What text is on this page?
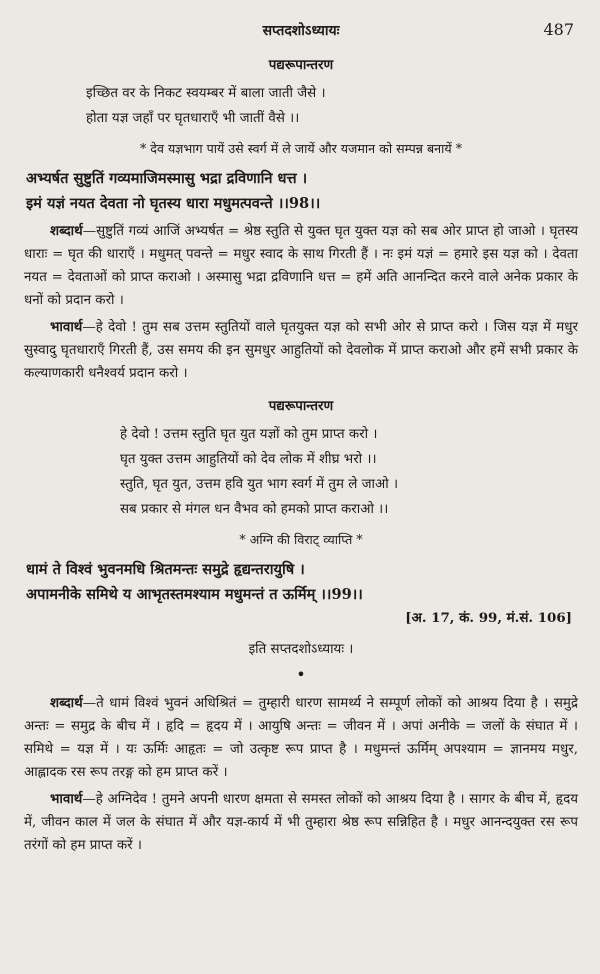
सप्तदशोऽध्यायः	487
पद्यरूपान्तरण
इच्छित वर के निकट स्वयम्बर में बाला जाती जैसे ।
होता यज्ञ जहाँ पर घृतधाराएँ भी जातीं वैसे ।।
* देव यज्ञभाग पायें उसे स्वर्ग में ले जायें और यजमान को सम्पन्न बनायें *
अभ्यर्षत सुष्टुतिं गव्यमाजिमस्मासु भद्रा द्रविणानि धत्त ।
इमं यज्ञं नयत देवता नो घृतस्य धारा मधुमत्पवन्ते ।।98।।
शब्दार्थ—सुष्टुतिं गव्यं आजिं अभ्यर्षत = श्रेष्ठ स्तुति से युक्त घृत युक्त यज्ञ को सब ओर प्राप्त हो जाओ । घृतस्य धाराः = घृत की धाराएँ । मधुमत् पवन्ते = मधुर स्वाद के साथ गिरती हैं । नः इमं यज्ञं = हमारे इस यज्ञ को । देवता नयत = देवताओं को प्राप्त कराओ । अस्मासु भद्रा द्रविणानि धत्त = हमें अति आनन्दित करने वाले अनेक प्रकार के धनों को प्रदान करो ।
भावार्थ—हे देवो ! तुम सब उत्तम स्तुतियों वाले घृतयुक्त यज्ञ को सभी ओर से प्राप्त करो । जिस यज्ञ में मधुर सुस्वादु घृतधाराएँ गिरती हैं, उस समय की इन सुमधुर आहुतियों को देवलोक में प्राप्त कराओ और हमें सभी प्रकार के कल्याणकारी धनैश्वर्य प्रदान करो ।
पद्यरूपान्तरण
हे देवो ! उत्तम स्तुति घृत युत यज्ञों को तुम प्राप्त करो ।
घृत युक्त उत्तम आहुतियों को देव लोक में शीघ्र भरो ।।
स्तुति, घृत युत, उत्तम हवि युत भाग स्वर्ग में तुम ले जाओ ।
सब प्रकार से मंगल धन वैभव को हमको प्राप्त कराओ ।।
* अग्नि की विराट् व्याप्ति *
धामं ते विश्वं भुवनमधि श्रितमन्तः समुद्रे हृद्यन्तरायुषि ।
अपामनीके समिथे य आभृतस्तमश्याम मधुमन्तं त ऊर्मिम् ।।99।।
[अ. 17, कं. 99, मं.सं. 106]
इति सप्तदशोऽध्यायः ।
•
शब्दार्थ—ते धामं विश्वं भुवनं अधिश्रितं = तुम्हारी धारण सामर्थ्य ने सम्पूर्ण लोकों को आश्रय दिया है । समुद्रे अन्तः = समुद्र के बीच में । हृदि = हृदय में । आयुषि अन्तः = जीवन में । अपां अनीके = जलों के संघात में । समिथे = यज्ञ में । यः ऊर्मिः आहृतः = जो उत्कृष्ट रूप प्राप्त है । मधुमन्तं ऊर्मिम् अपश्याम = ज्ञानमय मधुर, आह्लादक रस रूप तरङ्ग को हम प्राप्त करें ।
भावार्थ—हे अग्निदेव ! तुमने अपनी धारण क्षमता से समस्त लोकों को आश्रय दिया है । सागर के बीच में, हृदय में, जीवन काल में जल के संघात में और यज्ञ-कार्य में भी तुम्हारा श्रेष्ठ रूप सन्निहित है । मधुर आनन्दयुक्त रस रूप तरंगों को हम प्राप्त करें ।
